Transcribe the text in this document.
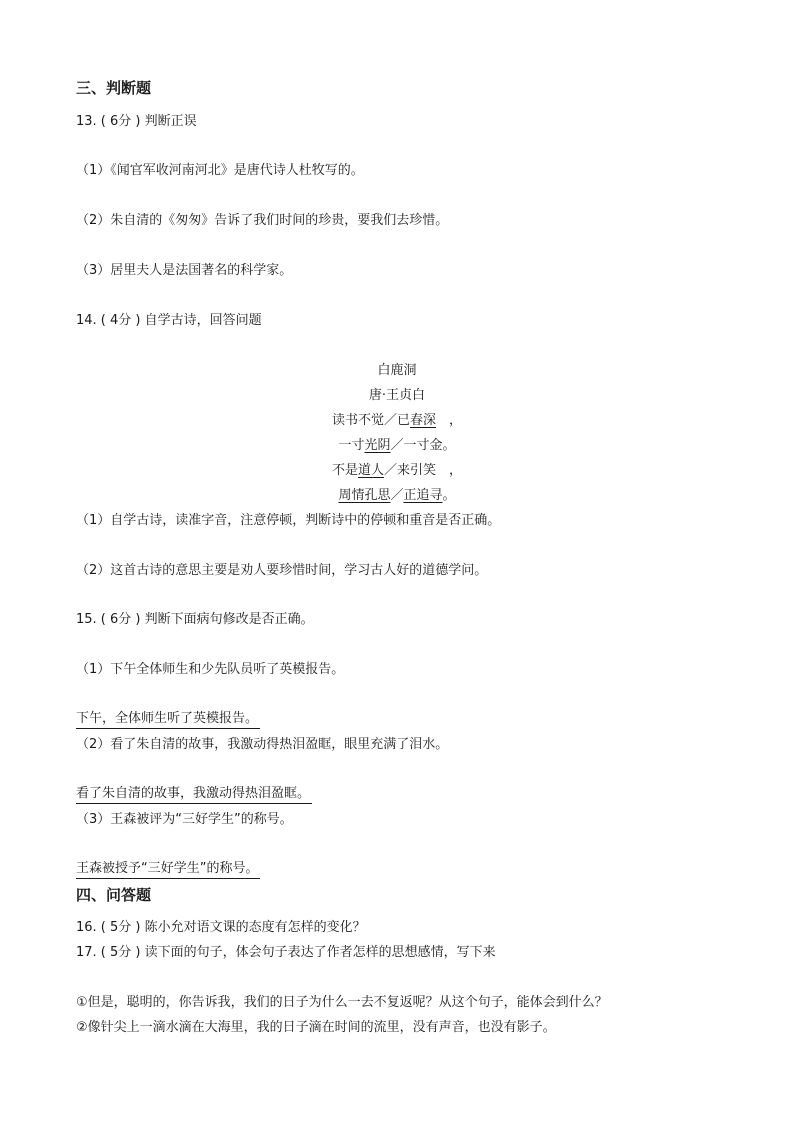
三、判断题
13. ( 6分 ) 判断正误
（1）《闻官军收河南河北》是唐代诗人杜牧写的。
（2）朱自清的《匆匆》告诉了我们时间的珍贵，要我们去珍惜。
（3）居里夫人是法国著名的科学家。
14. ( 4分 ) 自学古诗，回答问题
白鹿洞
唐·王贞白
读书不觉／已春深　，
一寸光阴／一寸金。
不是道人／来引笑　，
周情孔思／正追寻。
（1）自学古诗，读准字音，注意停顿，判断诗中的停顿和重音是否正确。
（2）这首古诗的意思主要是劝人要珍惜时间，学习古人好的道德学问。
15. ( 6分 ) 判断下面病句修改是否正确。
（1）下午全体师生和少先队员听了英模报告。
下午，全体师生听了英模报告。
（2）看了朱自清的故事，我激动得热泪盈眶，眼里充满了泪水。
看了朱自清的故事，我激动得热泪盈眶。
（3）王森被评为“三好学生”的称号。
王森被授予“三好学生”的称号。
四、问答题
16. ( 5分 ) 陈小允对语文课的态度有怎样的变化？
17. ( 5分 ) 读下面的句子，体会句子表达了作者怎样的思想感情，写下来
①但是，聪明的，你告诉我，我们的日子为什么一去不复返呢？从这个句子，能体会到什么？
②像针尖上一滴水滴在大海里，我的日子滴在时间的流里，没有声音，也没有影子。
